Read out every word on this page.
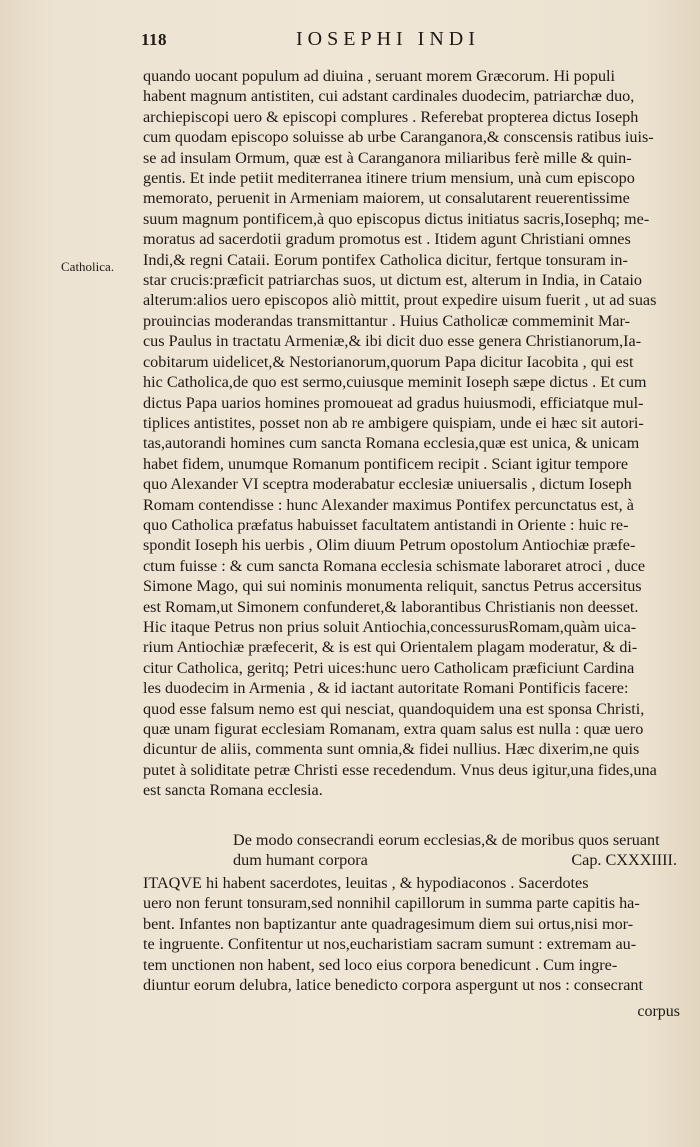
118	IOSEPHI INDI
Catholica.
quando uocant populum ad diuina , seruant morem Græcorum. Hi populi
habent magnum antistiten, cui adstant cardinales duodecim, patriarchæ duo,
archiepiscopi uero & episcopi complures . Referebat propterea dictus Ioseph
cum quodam episcopo soluisse ab urbe Caranganora,& conscensis ratibus iuis-
se ad insulam Ormum, quæ est à Caranganora miliaribus ferè mille & quin-
gentis. Et inde petiit mediterranea itinere trium mensium, unà cum episcopo
memorato, peruenit in Armeniam maiorem, ut consalutarent reuerentissime
suum magnum pontificem,à quo episcopus dictus initiatus sacris,Iosephq; me-
moratus ad sacerdotii gradum promotus est . Itidem agunt Christiani omnes
Indi,& regni Cataii. Eorum pontifex Catholica dicitur, fertque tonsuram in-
star crucis:præficit patriarchas suos, ut dictum est, alterum in India, in Cataio
alterum:alios uero episcopos aliò mittit, prout expedire uisum fuerit , ut ad suas
prouincias moderandas transmittantur . Huius Catholicæ commeminit Mar-
cus Paulus in tractatu Armeniæ,& ibi dicit duo esse genera Christianorum,Ia-
cobitarum uidelicet,& Nestorianorum,quorum Papa dicitur Iacobita , qui est
hic Catholica,de quo est sermo,cuiusque meminit Ioseph sæpe dictus . Et cum
dictus Papa uarios homines promoueat ad gradus huiusmodi, efficiatque mul-
tiplices antistites, posset non ab re ambigere quispiam, unde ei hæc sit autori-
tas,autorandi homines cum sancta Romana ecclesia,quæ est unica, & unicam
habet fidem, unumque Romanum pontificem recipit . Sciant igitur tempore
quo Alexander VI sceptra moderabatur ecclesiæ uniuersalis , dictum Ioseph
Romam contendisse : hunc Alexander maximus Pontifex percunctatus est, à
quo Catholica præfatus habuisset facultatem antistandi in Oriente : huic re-
spondit Ioseph his uerbis , Olim diuum Petrum opostolum Antiochiæ præfe-
ctum fuisse : & cum sancta Romana ecclesia schismate laboraret atroci , duce
Simone Mago, qui sui nominis monumenta reliquit, sanctus Petrus accersitus
est Romam,ut Simonem confunderet,& laborantibus Christianis non deesset.
Hic itaque Petrus non prius soluit Antiochia,concessurusRomam,quàm uica-
rium Antiochiæ præfecerit, & is est qui Orientalem plagam moderatur, & di-
citur Catholica, geritq; Petri uices:hunc uero Catholicam præficiunt Cardina
les duodecim in Armenia , & id iactant autoritate Romani Pontificis facere:
quod esse falsum nemo est qui nesciat, quandoquidem una est sponsa Christi,
quæ unam figurat ecclesiam Romanam, extra quam salus est nulla : quæ uero
dicuntur de aliis, commenta sunt omnia,& fidei nullius. Hæc dixerim,ne quis
putet à soliditate petræ Christi esse recedendum. Vnus deus igitur,una fides,una
est sancta Romana ecclesia.
De modo consecrandi eorum ecclesias,& de moribus quos seruant
dum humant corpora	Cap. CXXXIIII.
ITAQVE hi habent sacerdotes, leuitas , & hypodiaconos . Sacerdotes
uero non ferunt tonsuram,sed nonnihil capillorum in summa parte capitis ha-
bent. Infantes non baptizantur ante quadragesimum diem sui ortus,nisi mor-
te ingruente. Confitentur ut nos,eucharistiam sacram sumunt : extremam au-
tem unctionen non habent, sed loco eius corpora benedicunt . Cum ingre-
diuntur eorum delubra, latice benedicto corpora aspergunt ut nos : consecrant
corpus
